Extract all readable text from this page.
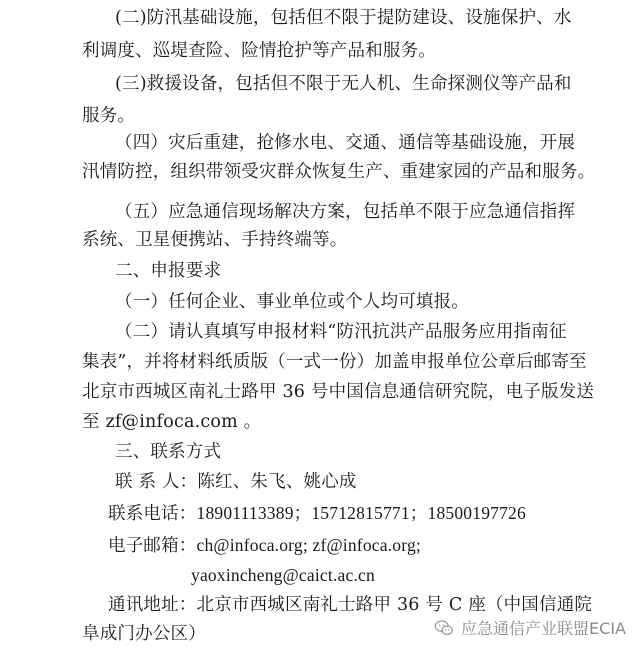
(二)防汛基础设施，包括但不限于提防建设、设施保护、水
利调度、巡堤查险、险情抢护等产品和服务。
(三)救援设备，包括但不限于无人机、生命探测仪等产品和
服务。
（四）灾后重建，抢修水电、交通、通信等基础设施，开展
汛情防控，组织带领受灾群众恢复生产、重建家园的产品和服务。
（五）应急通信现场解决方案，包括单不限于应急通信指挥
系统、卫星便携站、手持终端等。
二、申报要求
（一）任何企业、事业单位或个人均可填报。
（二）请认真填写申报材料“防汛抗洪产品服务应用指南征
集表”，并将材料纸质版（一式一份）加盖申报单位公章后邮寄至
北京市西城区南礼士路甲 36 号中国信息通信研究院，电子版发送
至 zf@infoca.com 。
三、联系方式
联 系 人：陈红、朱飞、姚心成
联系电话：18901113389；15712815771；18500197726
电子邮箱：ch@infoca.org; zf@infoca.org;
yaoxincheng@caict.ac.cn
通讯地址：北京市西城区南礼士路甲 36 号 C 座（中国信通院
阜成门办公区）	应急通信产业联盟ECIA
